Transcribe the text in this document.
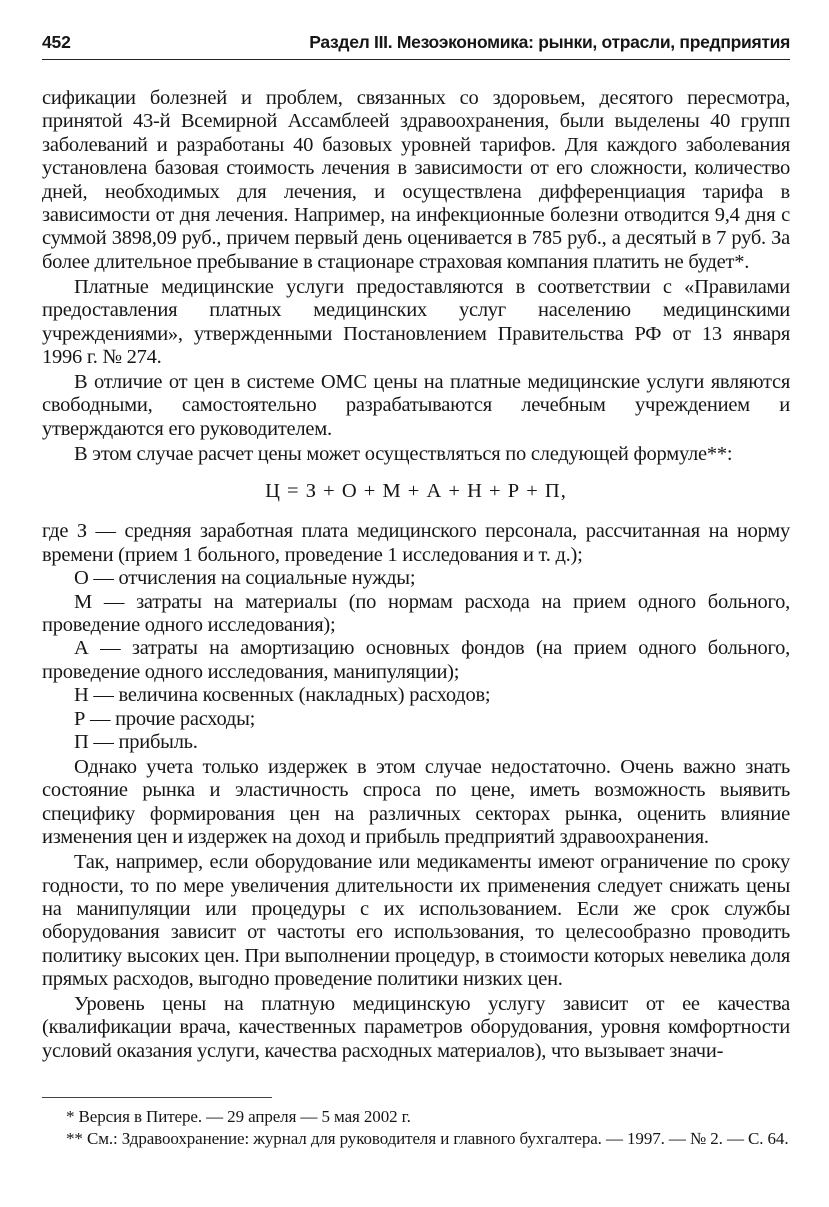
452	Раздел III. Мезоэкономика: рынки, отрасли, предприятия

сификации болезней и проблем, связанных со здоровьем, десятого пересмотра, принятой 43-й Всемирной Ассамблеей здравоохранения, были выделены 40 групп заболеваний и разработаны 40 базовых уровней тарифов. Для каждого заболевания установлена базовая стоимость лечения в зависимости от его сложности, количество дней, необходимых для лечения, и осуществлена дифференциация тарифа в зависимости от дня лечения. Например, на инфекционные болезни отводится 9,4 дня с суммой 3898,09 руб., причем первый день оценивается в 785 руб., а десятый в 7 руб. За более длительное пребывание в стационаре страховая компания платить не будет*.

Платные медицинские услуги предоставляются в соответствии с «Правилами предоставления платных медицинских услуг населению медицинскими учреждениями», утвержденными Постановлением Правительства РФ от 13 января 1996 г. № 274.

В отличие от цен в системе ОМС цены на платные медицинские услуги являются свободными, самостоятельно разрабатываются лечебным учреждением и утверждаются его руководителем.

В этом случае расчет цены может осуществляться по следующей формуле**:

Ц = З + О + М + А + Н + Р + П,

где З — средняя заработная плата медицинского персонала, рассчитанная на норму времени (прием 1 больного, проведение 1 исследования и т. д.);

О — отчисления на социальные нужды;

М — затраты на материалы (по нормам расхода на прием одного больного, проведение одного исследования);

А — затраты на амортизацию основных фондов (на прием одного больного, проведение одного исследования, манипуляции);

Н — величина косвенных (накладных) расходов;

Р — прочие расходы;

П — прибыль.

Однако учета только издержек в этом случае недостаточно. Очень важно знать состояние рынка и эластичность спроса по цене, иметь возможность выявить специфику формирования цен на различных секторах рынка, оценить влияние изменения цен и издержек на доход и прибыль предприятий здравоохранения.

Так, например, если оборудование или медикаменты имеют ограничение по сроку годности, то по мере увеличения длительности их применения следует снижать цены на манипуляции или процедуры с их использованием. Если же срок службы оборудования зависит от частоты его использования, то целесообразно проводить политику высоких цен. При выполнении процедур, в стоимости которых невелика доля прямых расходов, выгодно проведение политики низких цен.

Уровень цены на платную медицинскую услугу зависит от ее качества (квалификации врача, качественных параметров оборудования, уровня комфортности условий оказания услуги, качества расходных материалов), что вызывает значи-

* Версия в Питере. — 29 апреля — 5 мая 2002 г.

** См.: Здравоохранение: журнал для руководителя и главного бухгалтера. — 1997. — № 2. — С. 64.
